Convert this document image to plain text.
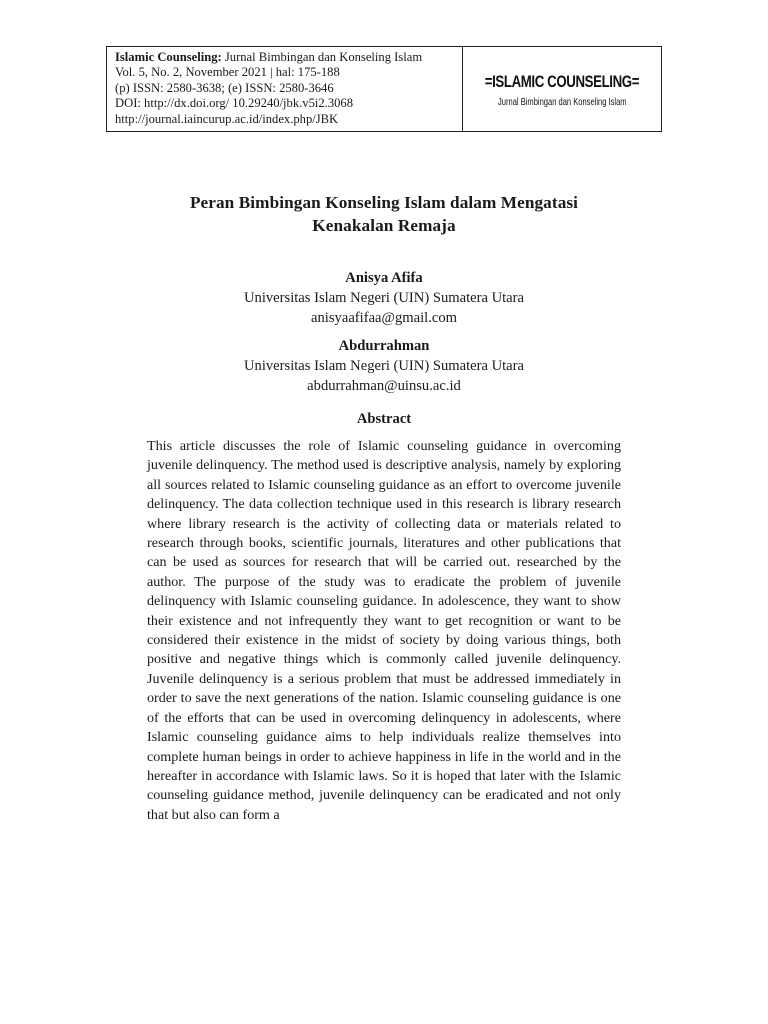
Islamic Counseling: Jurnal Bimbingan dan Konseling Islam
Vol. 5, No. 2, November 2021 | hal: 175-188
(p) ISSN: 2580-3638; (e) ISSN: 2580-3646
DOI: http://dx.doi.org/ 10.29240/jbk.v5i2.3068
http://journal.iaincurup.ac.id/index.php/JBK
=ISLAMIC COUNSELING=
Jurnal Bimbingan dan Konseling Islam
Peran Bimbingan Konseling Islam dalam Mengatasi
Kenakalan Remaja
Anisya Afifa
Universitas Islam Negeri (UIN) Sumatera Utara
anisyaafifaa@gmail.com
Abdurrahman
Universitas Islam Negeri (UIN) Sumatera Utara
abdurrahman@uinsu.ac.id
Abstract
This article discusses the role of Islamic counseling guidance in overcoming juvenile delinquency. The method used is descriptive analysis, namely by exploring all sources related to Islamic counseling guidance as an effort to overcome juvenile delinquency. The data collection technique used in this research is library research where library research is the activity of collecting data or materials related to research through books, scientific journals, literatures and other publications that can be used as sources for research that will be carried out. researched by the author. The purpose of the study was to eradicate the problem of juvenile delinquency with Islamic counseling guidance. In adolescence, they want to show their existence and not infrequently they want to get recognition or want to be considered their existence in the midst of society by doing various things, both positive and negative things which is commonly called juvenile delinquency. Juvenile delinquency is a serious problem that must be addressed immediately in order to save the next generations of the nation. Islamic counseling guidance is one of the efforts that can be used in overcoming delinquency in adolescents, where Islamic counseling guidance aims to help individuals realize themselves into complete human beings in order to achieve happiness in life in the world and in the hereafter in accordance with Islamic laws. So it is hoped that later with the Islamic counseling guidance method, juvenile delinquency can be eradicated and not only that but also can form a
